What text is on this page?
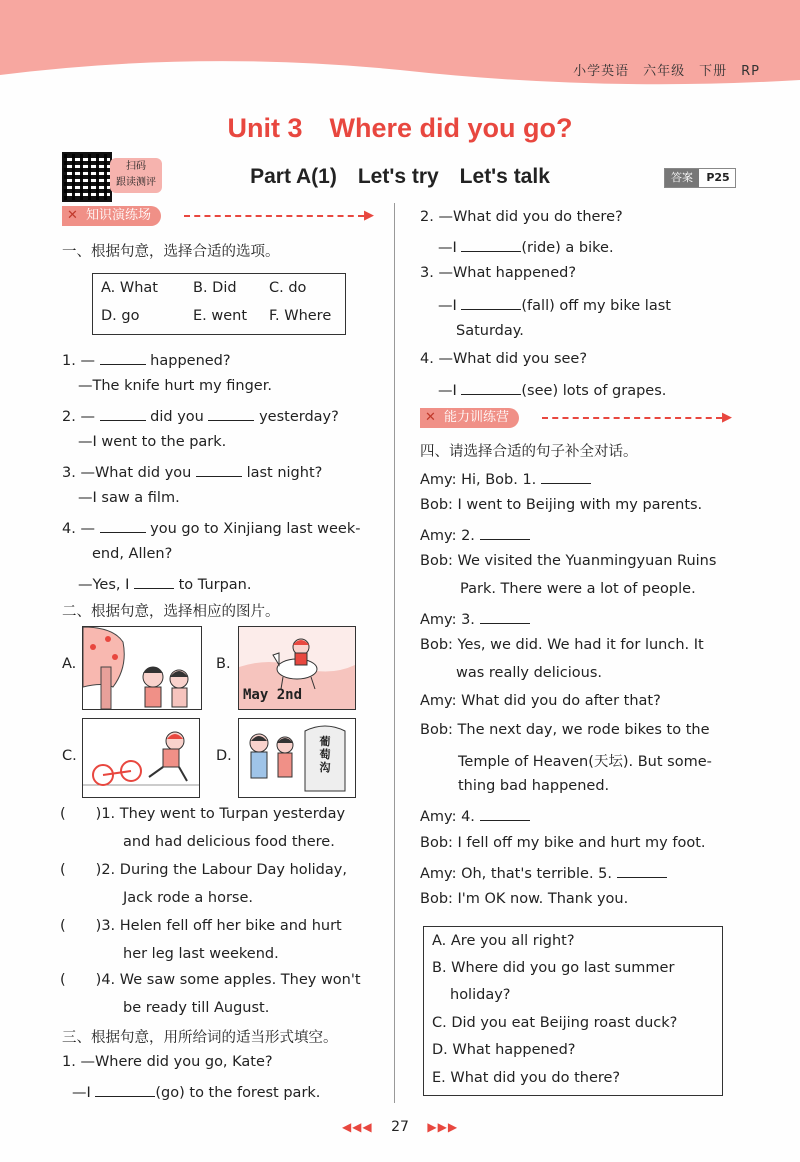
小学英语　六年级　下册　RP
Unit 3　Where did you go?
扫码
跟读测评	Part A(1)　Let's try　Let's talk	答案	P25
✕ 知识演练场	▶
一、根据句意，选择合适的选项。
A. What B. Did C. do
D. go	E. went F. Where
1. —	happened?
—The knife hurt my finger.
2. —	did you	yesterday?
—I went to the park.
3. —What did you	last night?
—I saw a film.
4. —	you go to Xinjiang last week-
end, Allen?
—Yes, I	to Turpan.
二、根据句意，选择相应的图片。
A.	B.
May 2nd
C.	D.
葡萄沟
( )1. They went to Turpan yesterday
and had delicious food there.
( )2. During the Labour Day holiday,
Jack rode a horse.
( )3. Helen fell off her bike and hurt
her leg last weekend.
( )4. We saw some apples. They won't
be ready till August.
三、根据句意，用所给词的适当形式填空。
1. —Where did you go, Kate?
—I	(go) to the forest park.
2. —What did you do there?
—I	(ride) a bike.
3. —What happened?
—I	(fall) off my bike last
Saturday.
4. —What did you see?
—I	(see) lots of grapes.
✕ 能力训练营	▶
四、请选择合适的句子补全对话。
Amy: Hi, Bob. 1.
Bob: I went to Beijing with my parents.
Amy: 2.
Bob: We visited the Yuanmingyuan Ruins
Park. There were a lot of people.
Amy: 3.
Bob: Yes, we did. We had it for lunch. It
was really delicious.
Amy: What did you do after that?
Bob: The next day, we rode bikes to the
Temple of Heaven(天坛). But some-
thing bad happened.
Amy: 4.
Bob: I fell off my bike and hurt my foot.
Amy: Oh, that's terrible. 5.
Bob: I'm OK now. Thank you.
A. Are you all right?
B. Where did you go last summer
holiday?
C. Did you eat Beijing roast duck?
D. What happened?
E. What did you do there?
◀◀◀ 27 ▶▶▶
